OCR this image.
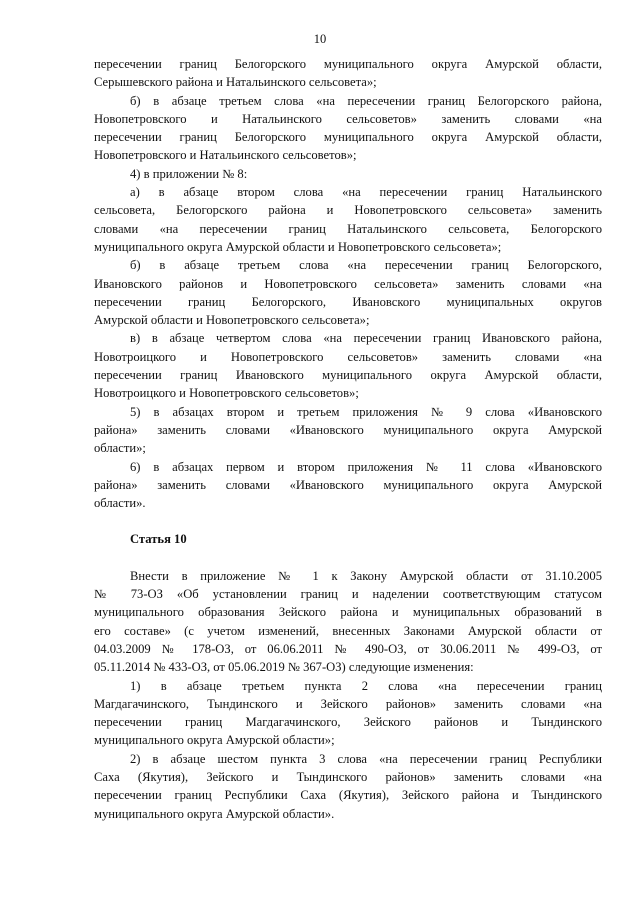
10
пересечении границ Белогорского муниципального округа Амурской области,
Серышевского района и Натальинского сельсовета»;
б) в абзаце третьем слова «на пересечении границ Белогорского района,
Новопетровского и Натальинского сельсоветов» заменить словами «на
пересечении границ Белогорского муниципального округа Амурской области,
Новопетровского и Натальинского сельсоветов»;
4) в приложении № 8:
а) в абзаце втором слова «на пересечении границ Натальинского
сельсовета, Белогорского района и Новопетровского сельсовета» заменить
словами «на пересечении границ Натальинского сельсовета, Белогорского
муниципального округа Амурской области и Новопетровского сельсовета»;
б) в абзаце третьем слова «на пересечении границ Белогорского,
Ивановского районов и Новопетровского сельсовета» заменить словами «на
пересечении границ Белогорского, Ивановского муниципальных округов
Амурской области и Новопетровского сельсовета»;
в) в абзаце четвертом слова «на пересечении границ Ивановского района,
Новотроицкого и Новопетровского сельсоветов» заменить словами «на
пересечении границ Ивановского муниципального округа Амурской области,
Новотроицкого и Новопетровского сельсоветов»;
5) в абзацах втором и третьем приложения № 9 слова «Ивановского
района» заменить словами «Ивановского муниципального округа Амурской
области»;
6) в абзацах первом и втором приложения № 11 слова «Ивановского
района» заменить словами «Ивановского муниципального округа Амурской
области».
Статья 10
Внести в приложение № 1 к Закону Амурской области от 31.10.2005
№ 73-ОЗ «Об установлении границ и наделении соответствующим статусом
муниципального образования Зейского района и муниципальных образований в
его составе» (с учетом изменений, внесенных Законами Амурской области от
04.03.2009 № 178-ОЗ, от 06.06.2011 № 490-ОЗ, от 30.06.2011 № 499-ОЗ, от
05.11.2014 № 433-ОЗ, от 05.06.2019 № 367-ОЗ) следующие изменения:
1) в абзаце третьем пункта 2 слова «на пересечении границ
Магдагачинского, Тындинского и Зейского районов» заменить словами «на
пересечении границ Магдагачинского, Зейского районов и Тындинского
муниципального округа Амурской области»;
2) в абзаце шестом пункта 3 слова «на пересечении границ Республики
Саха (Якутия), Зейского и Тындинского районов» заменить словами «на
пересечении границ Республики Саха (Якутия), Зейского района и Тындинского
муниципального округа Амурской области».
